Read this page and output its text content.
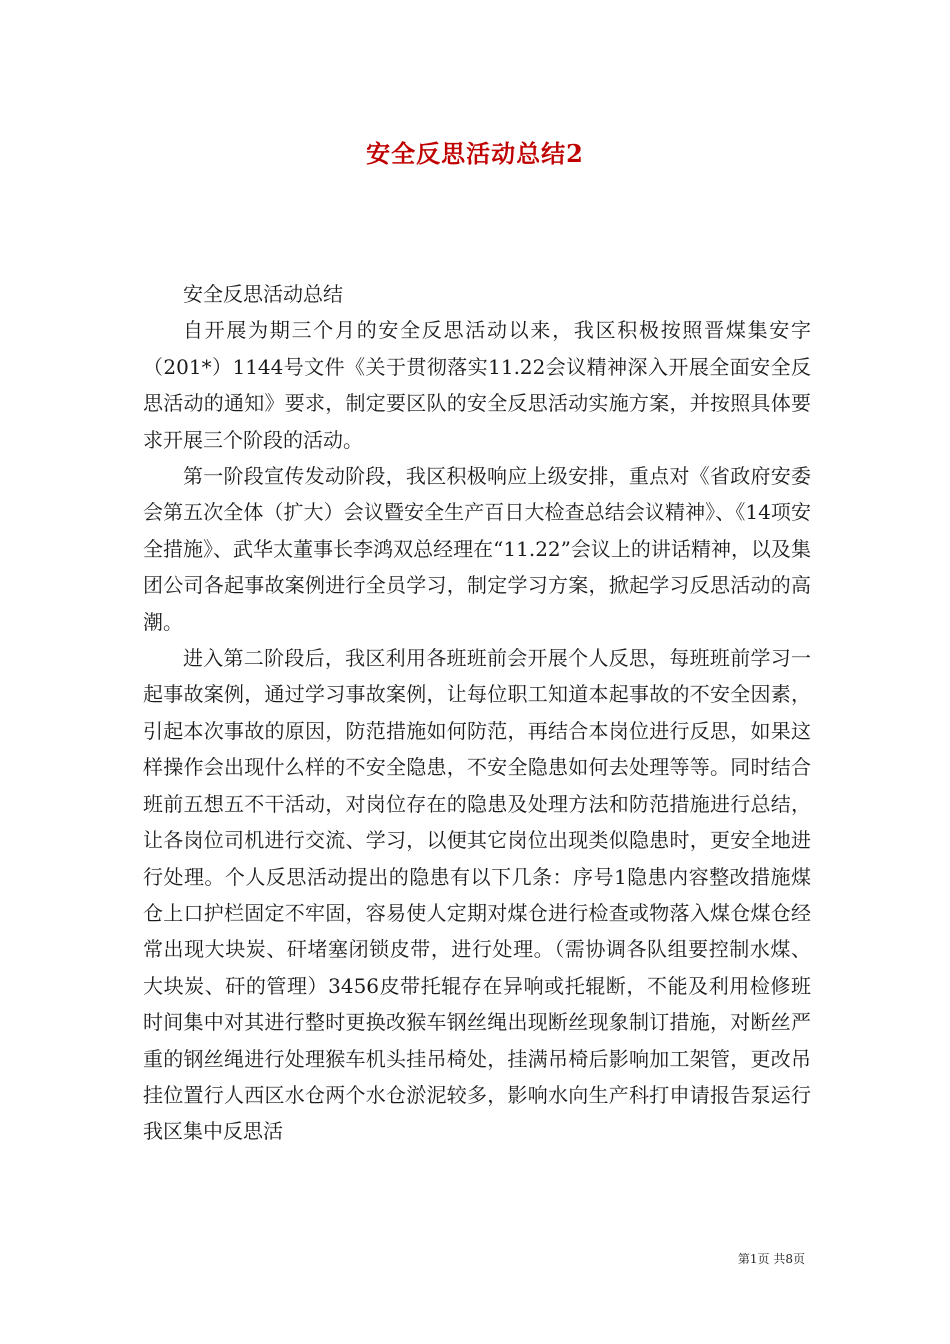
安全反思活动总结2

安全反思活动总结

自开展为期三个月的安全反思活动以来，我区积极按照晋煤集安字（201*）1144号文件《关于贯彻落实11.22会议精神深入开展全面安全反思活动的通知》要求，制定要区队的安全反思活动实施方案，并按照具体要求开展三个阶段的活动。

第一阶段宣传发动阶段，我区积极响应上级安排，重点对《省政府安委会第五次全体（扩大）会议暨安全生产百日大检查总结会议精神》、《14项安全措施》、武华太董事长李鸿双总经理在“11.22”会议上的讲话精神，以及集团公司各起事故案例进行全员学习，制定学习方案，掀起学习反思活动的高潮。

进入第二阶段后，我区利用各班班前会开展个人反思，每班班前学习一起事故案例，通过学习事故案例，让每位职工知道本起事故的不安全因素，引起本次事故的原因，防范措施如何防范，再结合本岗位进行反思，如果这样操作会出现什么样的不安全隐患，不安全隐患如何去处理等等。同时结合班前五想五不干活动，对岗位存在的隐患及处理方法和防范措施进行总结，让各岗位司机进行交流、学习，以便其它岗位出现类似隐患时，更安全地进行处理。个人反思活动提出的隐患有以下几条：序号1隐患内容整改措施煤仓上口护栏固定不牢固，容易使人定期对煤仓进行检查或物落入煤仓煤仓经常出现大块炭、矸堵塞闭锁皮带，进行处理。（需协调各队组要控制水煤、大块炭、矸的管理）3456皮带托辊存在异响或托辊断，不能及利用检修班时间集中对其进行整时更换改猴车钢丝绳出现断丝现象制订措施，对断丝严重的钢丝绳进行处理猴车机头挂吊椅处，挂满吊椅后影响加工架管，更改吊挂位置行人西区水仓两个水仓淤泥较多，影响水向生产科打申请报告泵运行我区集中反思活

第1页 共8页
